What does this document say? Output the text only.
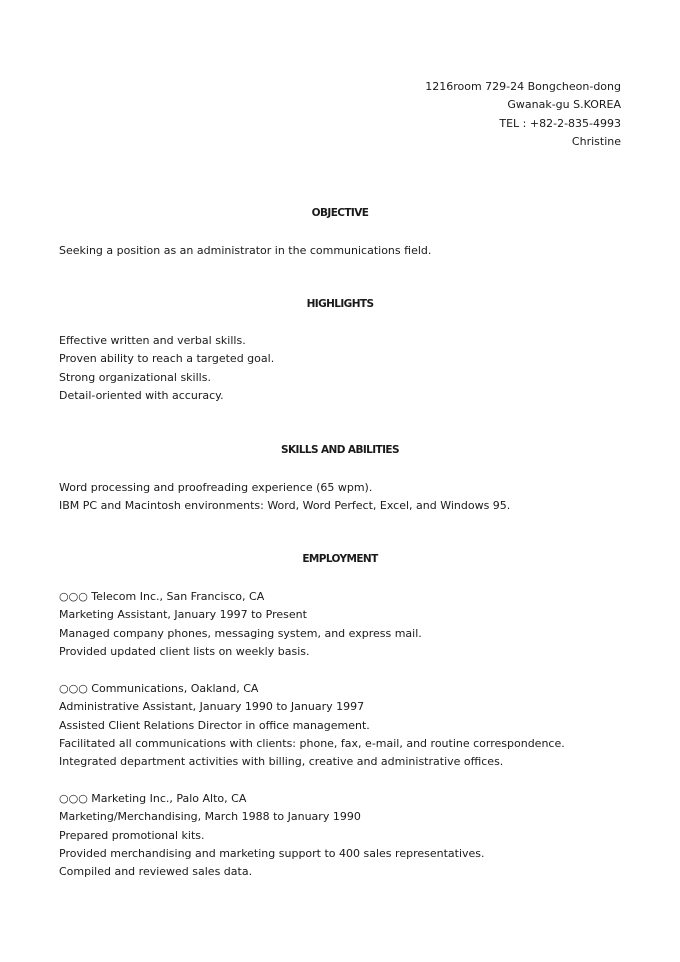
1216room 729-24 Bongcheon-dong
Gwanak-gu S.KOREA
TEL : +82-2-835-4993
Christine
OBJECTIVE
Seeking a position as an administrator in the communications field.
HIGHLIGHTS
Effective written and verbal skills.
Proven ability to reach a targeted goal.
Strong organizational skills.
Detail-oriented with accuracy.
SKILLS AND ABILITIES
Word processing and proofreading experience (65 wpm).
IBM PC and Macintosh environments: Word, Word Perfect, Excel, and Windows 95.
EMPLOYMENT
○○○ Telecom Inc., San Francisco, CA
Marketing Assistant, January 1997 to Present
Managed company phones, messaging system, and express mail.
Provided updated client lists on weekly basis.
○○○ Communications, Oakland, CA
Administrative Assistant, January 1990 to January 1997
Assisted Client Relations Director in office management.
Facilitated all communications with clients: phone, fax, e-mail, and routine correspondence.
Integrated department activities with billing, creative and administrative offices.
○○○ Marketing Inc., Palo Alto, CA
Marketing/Merchandising, March 1988 to January 1990
Prepared promotional kits.
Provided merchandising and marketing support to 400 sales representatives.
Compiled and reviewed sales data.
